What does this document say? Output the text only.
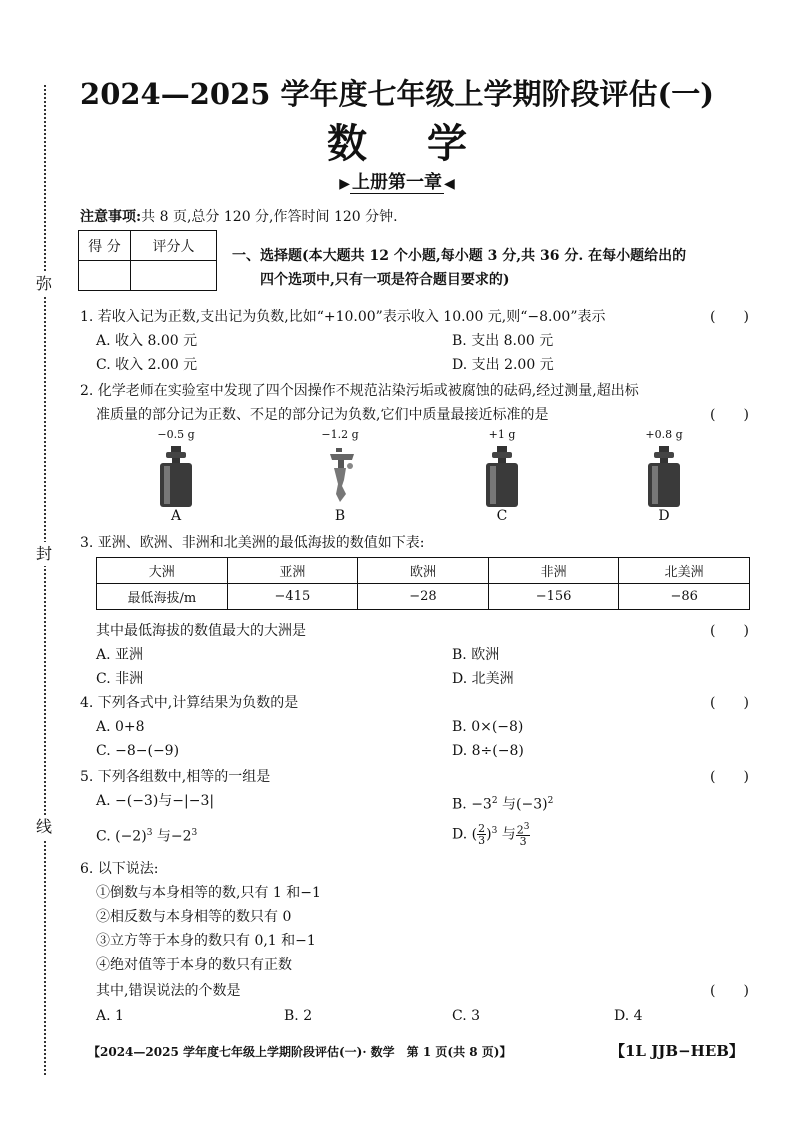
弥
封
线
2024—2025 学年度七年级上学期阶段评估(一)
数学
▶ 上册第一章 ◀
注意事项:共 8 页,总分 120 分,作答时间 120 分钟.
得 分	评分人

一、选择题(本大题共 12 个小题,每小题 3 分,共 36 分. 在每小题给出的
四个选项中,只有一项是符合题目要求的)
1. 若收入记为正数,支出记为负数,比如“+10.00”表示收入 10.00 元,则“−8.00”表示	(　　)
A. 收入 8.00 元	B. 支出 8.00 元
C. 收入 2.00 元	D. 支出 2.00 元
2. 化学老师在实验室中发现了四个因操作不规范沾染污垢或被腐蚀的砝码,经过测量,超出标
准质量的部分记为正数、不足的部分记为负数,它们中质量最接近标准的是	(　　)
−0.5 g	−1.2 g	+1 g	+0.8 g
A	B	C	D
3. 亚洲、欧洲、非洲和北美洲的最低海拔的数值如下表:
大洲	亚洲	欧洲	非洲	北美洲
最低海拔/m	−415	−28	−156	−86
其中最低海拔的数值最大的大洲是	(　　)
A. 亚洲	B. 欧洲
C. 非洲	D. 北美洲
4. 下列各式中,计算结果为负数的是	(　　)
A. 0+8	B. 0×(−8)
C. −8−(−9)	D. 8÷(−8)
5. 下列各组数中,相等的一组是	(　　)
A. −(−3)与−|−3|	B. $-3^2$ 与$(-3)^2$
C. $(-2)^3$ 与$-2^3$	D. ( $\frac{2}{3} )^3$ 与 $\frac{2^3}{3}$
6. 以下说法:
①倒数与本身相等的数,只有 1 和−1
②相反数与本身相等的数只有 0
③立方等于本身的数只有 0,1 和−1
④绝对值等于本身的数只有正数
其中,错误说法的个数是	(　　)
A. 1	B. 2	C. 3	D. 4
【2024—2025 学年度七年级上学期阶段评估(一)· 数学　第 1 页(共 8 页)】	【1L JJB−HEB】
